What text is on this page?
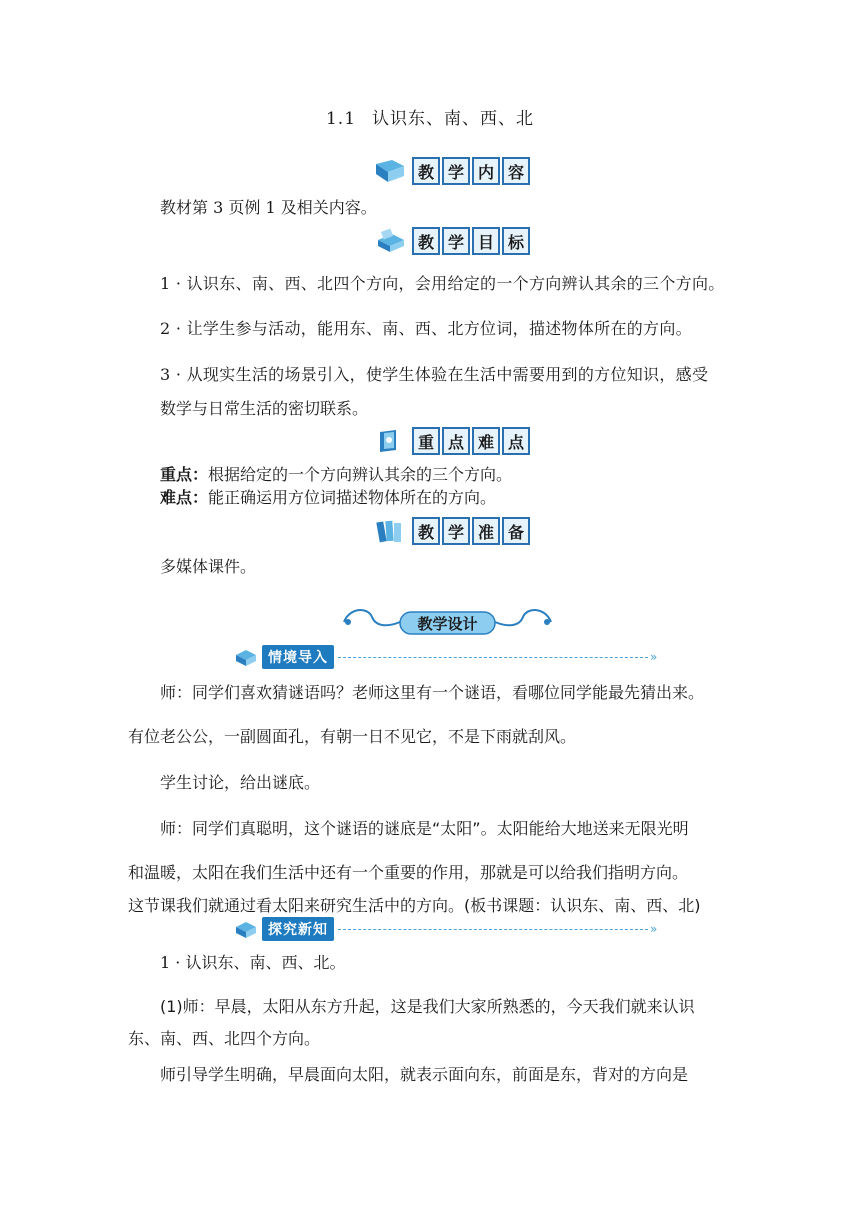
1.1 认识东、南、西、北
教 学 内 容
教材第 3 页例 1 及相关内容。
教 学 目 标
1 · 认识东、南、西、北四个方向，会用给定的一个方向辨认其余的三个方向。
2 · 让学生参与活动，能用东、南、西、北方位词，描述物体所在的方向。
3 · 从现实生活的场景引入，使学生体验在生活中需要用到的方位知识，感受
数学与日常生活的密切联系。
重 点 难 点
重点：根据给定的一个方向辨认其余的三个方向。
难点：能正确运用方位词描述物体所在的方向。
教 学 准 备
多媒体课件。
教学设计
情境导入	»
师：同学们喜欢猜谜语吗？老师这里有一个谜语，看哪位同学能最先猜出来。
有位老公公，一副圆面孔，有朝一日不见它，不是下雨就刮风。
学生讨论，给出谜底。
师：同学们真聪明，这个谜语的谜底是“太阳”。太阳能给大地送来无限光明
和温暖，太阳在我们生活中还有一个重要的作用，那就是可以给我们指明方向。
这节课我们就通过看太阳来研究生活中的方向。(板书课题：认识东、南、西、北)
探究新知	»
1 · 认识东、南、西、北。
(1)师：早晨，太阳从东方升起，这是我们大家所熟悉的，今天我们就来认识
东、南、西、北四个方向。
师引导学生明确，早晨面向太阳，就表示面向东，前面是东，背对的方向是
